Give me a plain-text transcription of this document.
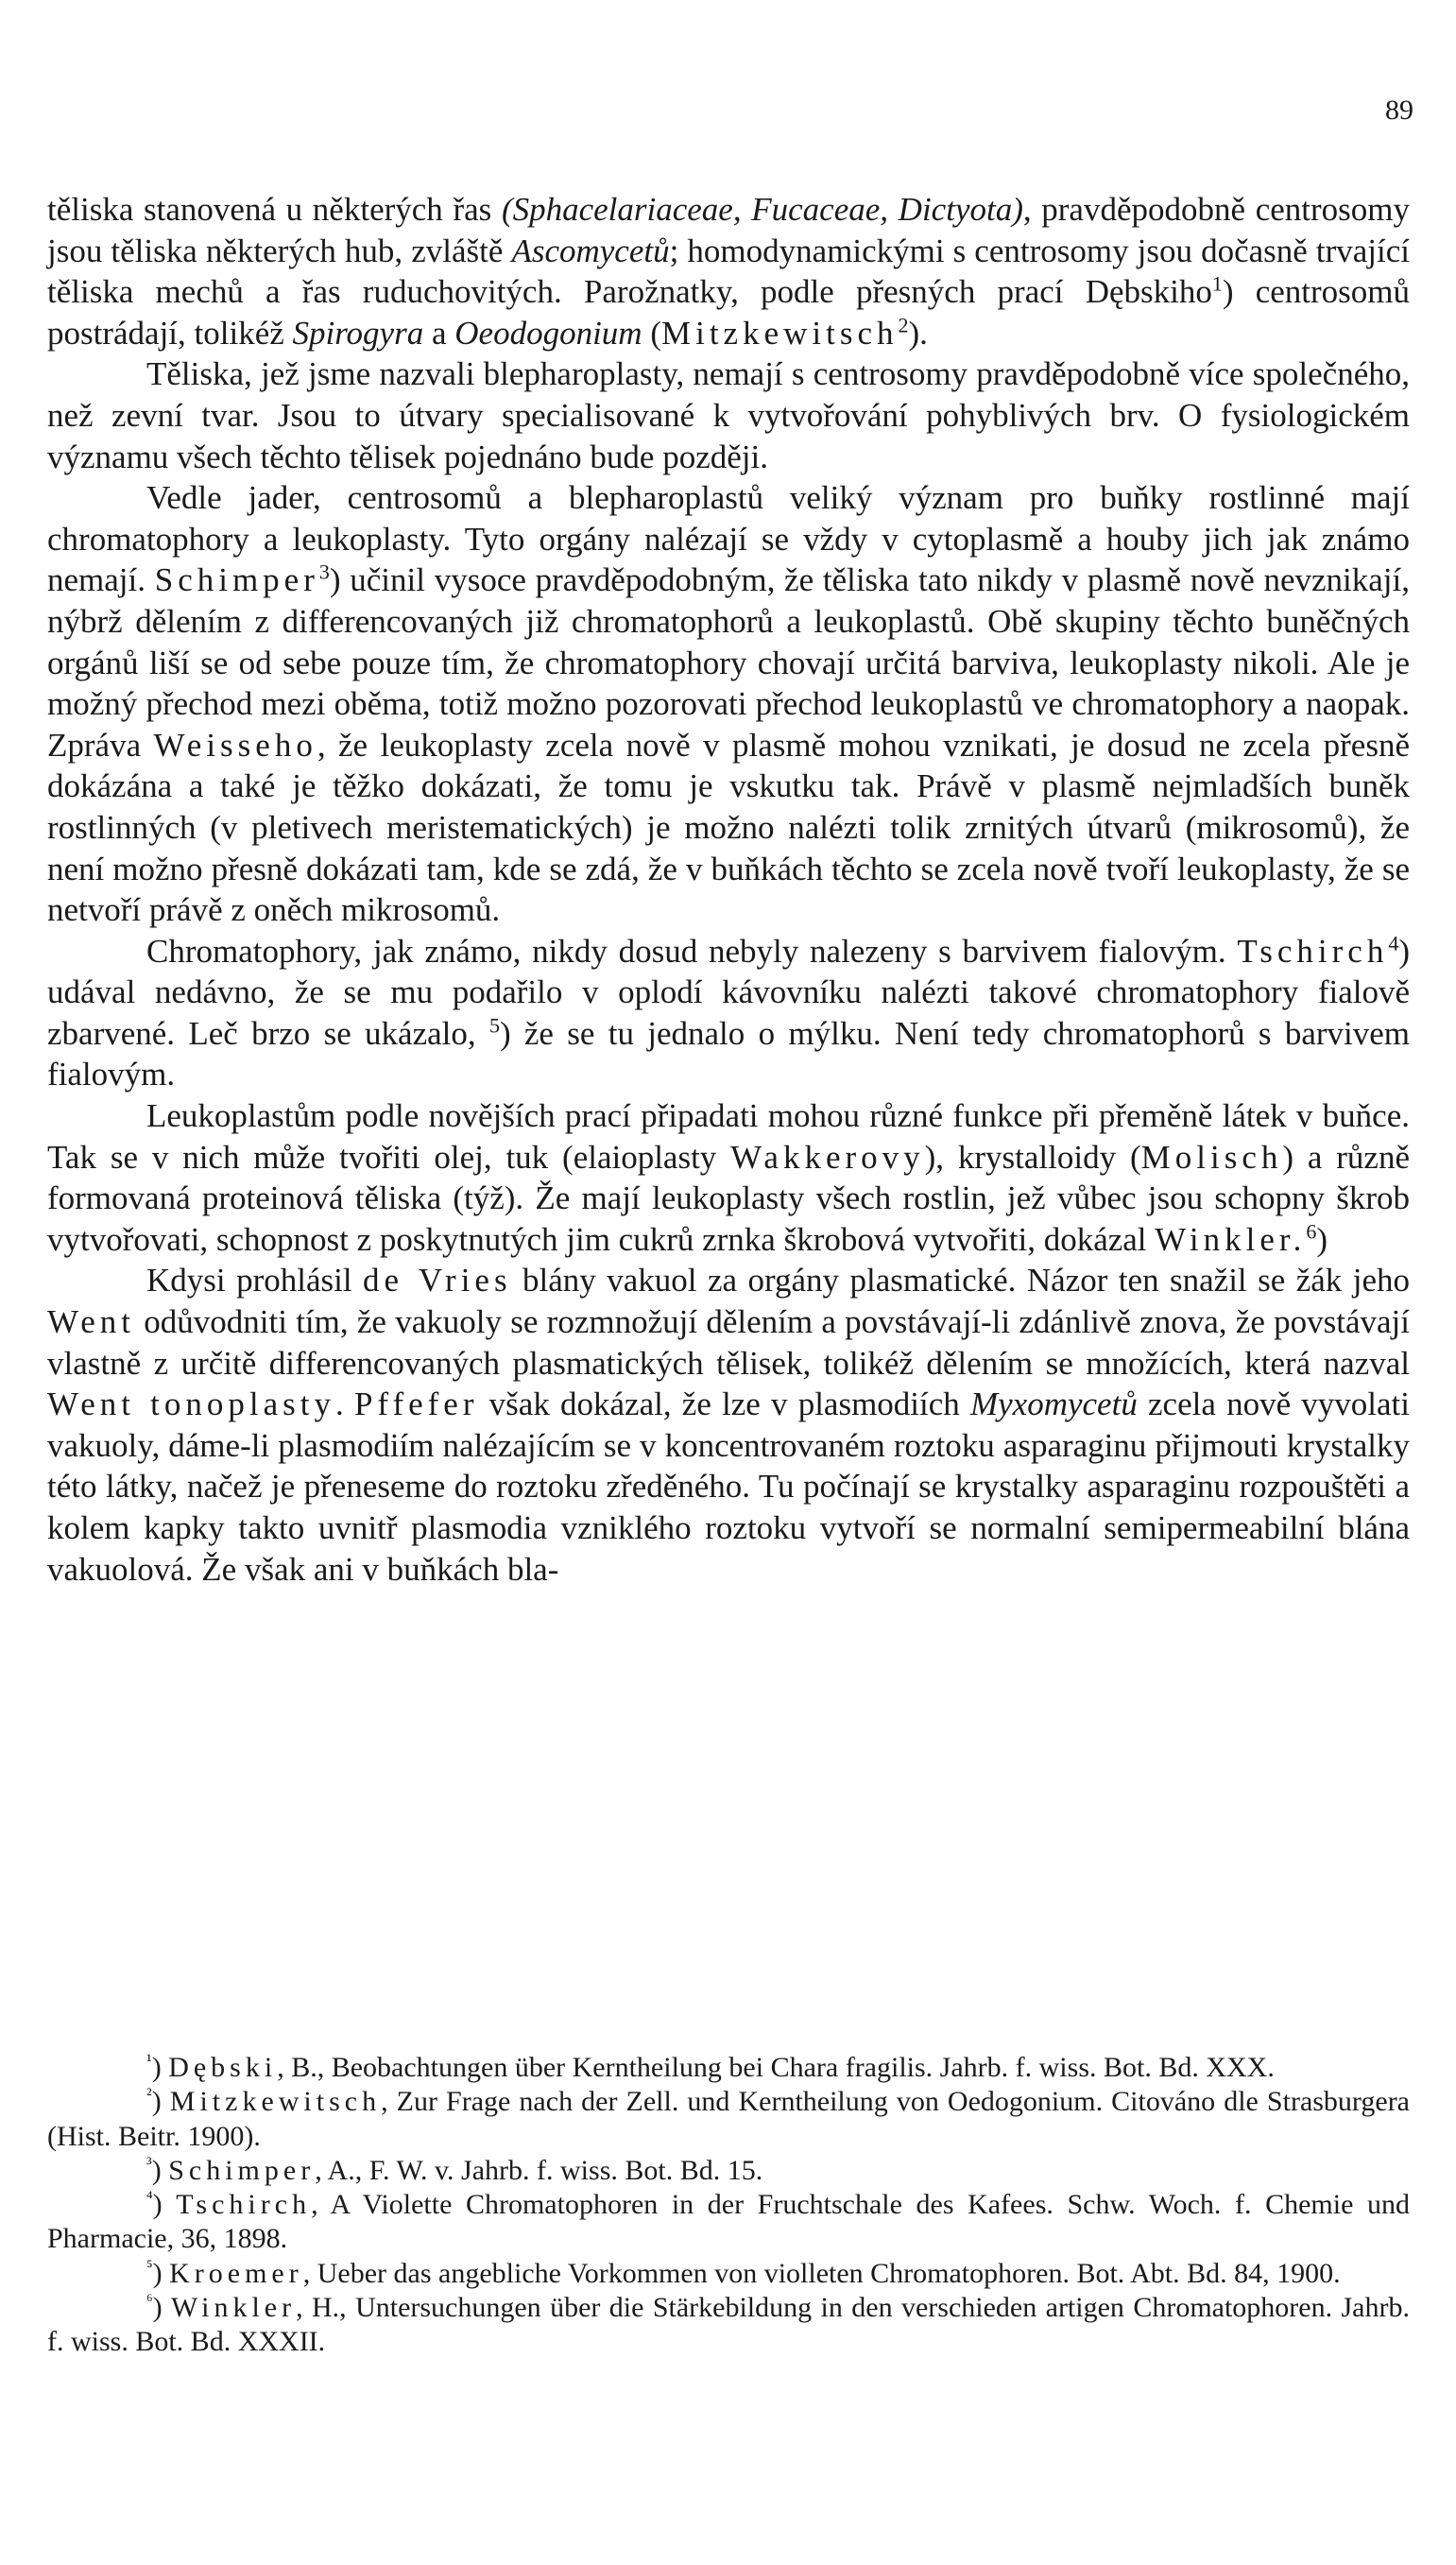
89

těliska stanovená u některých řas (Sphacelariaceae, Fucaceae, Dictyota), pravděpodobně centrosomy jsou těliska některých hub, zvláště Ascomycetů; homodynamickými s centrosomy jsou dočasně trvající těliska mechů a řas ruduchovitých. Parožnatky, podle přesných prací Dębskiho$^1$) centrosomů postrádají, tolikéž Spirogyra a Oeodogonium (Mitzkewitsch$^2$).

Těliska, jež jsme nazvali blepharoplasty, nemají s centrosomy pravděpodobně více společného, než zevní tvar. Jsou to útvary specialisované k vytvořování pohyblivých brv. O fysiologickém významu všech těchto tělisek pojednáno bude později.

Vedle jader, centrosomů a blepharoplastů veliký význam pro buňky rostlinné mají chromatophory a leukoplasty. Tyto orgány nalézají se vždy v cytoplasmě a houby jich jak známo nemají. Schimper$^3$) učinil vysoce pravděpodobným, že těliska tato nikdy v plasmě nově nevznikají, nýbrž dělením z differencovaných již chromatophorů a leukoplastů. Obě skupiny těchto buněčných orgánů liší se od sebe pouze tím, že chromatophory chovají určitá barviva, leukoplasty nikoli. Ale je možný přechod mezi oběma, totiž možno pozorovati přechod leukoplastů ve chromatophory a naopak. Zpráva Weisseho, že leukoplasty zcela nově v plasmě mohou vznikati, je dosud ne zcela přesně dokázána a také je těžko dokázati, že tomu je vskutku tak. Právě v plasmě nejmladších buněk rostlinných (v pletivech meristematických) je možno nalézti tolik zrnitých útvarů (mikrosomů), že není možno přesně dokázati tam, kde se zdá, že v buňkách těchto se zcela nově tvoří leukoplasty, že se netvoří právě z oněch mikrosomů.

Chromatophory, jak známo, nikdy dosud nebyly nalezeny s barvivem fialovým. Tschirch$^4$) udával nedávno, že se mu podařilo v oplodí kávovníku nalézti takové chromatophory fialově zbarvené. Leč brzo se ukázalo, $^5$) že se tu jednalo o mýlku. Není tedy chromatophorů s barvivem fialovým.

Leukoplastům podle novějších prací připadati mohou různé funkce při přeměně látek v buňce. Tak se v nich může tvořiti olej, tuk (elaioplasty Wakkerovy), krystalloidy (Molisch) a různě formovaná proteinová těliska (týž). Že mají leukoplasty všech rostlin, jež vůbec jsou schopny škrob vytvořovati, schopnost z poskytnutých jim cukrů zrnka škrobová vytvořiti, dokázal Winkler.$^6$)

Kdysi prohlásil de Vries blány vakuol za orgány plasmatické. Názor ten snažil se žák jeho Went odůvodniti tím, že vakuoly se rozmnožují dělením a povstávají-li zdánlivě znova, že povstávají vlastně z určitě differencovaných plasmatických tělisek, tolikéž dělením se množících, která nazval Went tonoplasty. Pffefer však dokázal, že lze v plasmodiích Myxomycetů zcela nově vyvolati vakuoly, dáme-li plasmodiím nalézajícím se v koncentrovaném roztoku asparaginu přijmouti krystalky této látky, načež je přeneseme do roztoku zředěného. Tu počínají se krystalky asparaginu rozpouštěti a kolem kapky takto uvnitř plasmodia vzniklého roztoku vytvoří se normalní semipermeabilní blána vakuolová. Že však ani v buňkách bla-

$^{^1}$) Dębski, B., Beobachtungen über Kerntheilung bei Chara fragilis. Jahrb. f. wiss. Bot. Bd. XXX.

$^{^2}$) Mitzkewitsch, Zur Frage nach der Zell. und Kerntheilung von Oedogonium. Citováno dle Strasburgera (Hist. Beitr. 1900).

$^{^3}$) Schimper, A., F. W. v. Jahrb. f. wiss. Bot. Bd. 15.

$^{^4}$) Tschirch, A Violette Chromatophoren in der Fruchtschale des Kafees. Schw. Woch. f. Chemie und Pharmacie, 36, 1898.

$^{^5}$) Kroemer, Ueber das angebliche Vorkommen von violleten Chromatophoren. Bot. Abt. Bd. 84, 1900.

$^{^6}$) Winkler, H., Untersuchungen über die Stärkebildung in den verschieden artigen Chromatophoren. Jahrb. f. wiss. Bot. Bd. XXXII.
